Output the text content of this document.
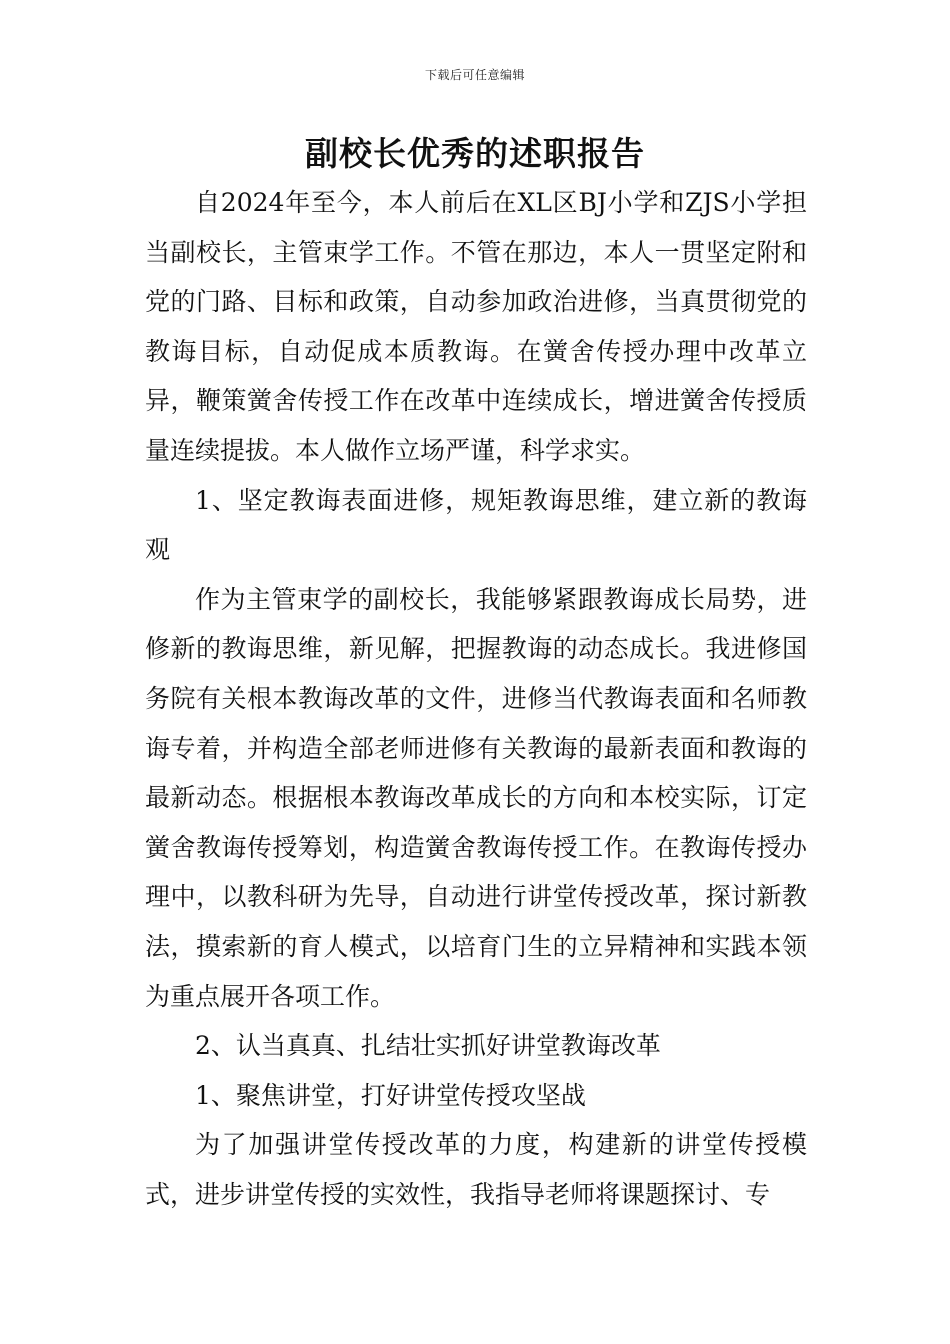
下载后可任意编辑
副校长优秀的述职报告

自2024年至今，本人前后在XL区BJ小学和ZJS小学担当副校长，主管束学工作。不管在那边，本人一贯坚定附和党的门路、目标和政策，自动参加政治进修，当真贯彻党的教诲目标，自动促成本质教诲。在黉舍传授办理中改革立异，鞭策黉舍传授工作在改革中连续成长，增进黉舍传授质量连续提拔。本人做作立场严谨，科学求实。

1、坚定教诲表面进修，规矩教诲思维，建立新的教诲观

作为主管束学的副校长，我能够紧跟教诲成长局势，进修新的教诲思维，新见解，把握教诲的动态成长。我进修国务院有关根本教诲改革的文件，进修当代教诲表面和名师教诲专着，并构造全部老师进修有关教诲的最新表面和教诲的最新动态。根据根本教诲改革成长的方向和本校实际，订定黉舍教诲传授筹划，构造黉舍教诲传授工作。在教诲传授办理中，以教科研为先导，自动进行讲堂传授改革，探讨新教法，摸索新的育人模式，以培育门生的立异精神和实践本领为重点展开各项工作。

2、认当真真、扎结壮实抓好讲堂教诲改革

1、聚焦讲堂，打好讲堂传授攻坚战

为了加强讲堂传授改革的力度，构建新的讲堂传授模式，进步讲堂传授的实效性，我指导老师将课题探讨、专
